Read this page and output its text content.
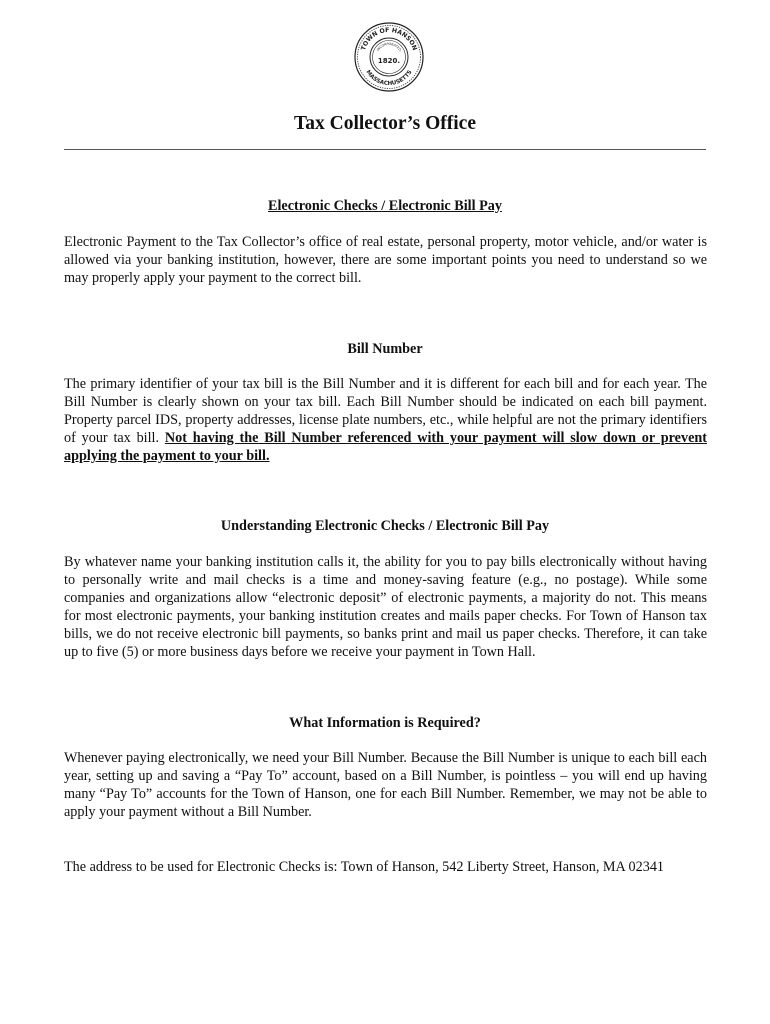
TOWN OF HANSON
MASSACHUSETTS
INCORPORATED
1820.
Tax Collector’s Office
Electronic Checks / Electronic Bill Pay

Electronic Payment to the Tax Collector’s office of real estate, personal property, motor vehicle, and/or water is allowed via your banking institution, however, there are some important points you need to understand so we may properly apply your payment to the correct bill.

Bill Number

The primary identifier of your tax bill is the Bill Number and it is different for each bill and for each year. The Bill Number is clearly shown on your tax bill. Each Bill Number should be indicated on each bill payment. Property parcel IDS, property addresses, license plate numbers, etc., while helpful are not the primary identifiers of your tax bill. Not having the Bill Number referenced with your payment will slow down or prevent applying the payment to your bill.

Understanding Electronic Checks / Electronic Bill Pay

By whatever name your banking institution calls it, the ability for you to pay bills electronically without having to personally write and mail checks is a time and money-saving feature (e.g., no postage). While some companies and organizations allow “electronic deposit” of electronic payments, a majority do not. This means for most electronic payments, your banking institution creates and mails paper checks. For Town of Hanson tax bills, we do not receive electronic bill payments, so banks print and mail us paper checks. Therefore, it can take up to five (5) or more business days before we receive your payment in Town Hall.

What Information is Required?

Whenever paying electronically, we need your Bill Number. Because the Bill Number is unique to each bill each year, setting up and saving a “Pay To” account, based on a Bill Number, is pointless – you will end up having many “Pay To” accounts for the Town of Hanson, one for each Bill Number. Remember, we may not be able to apply your payment without a Bill Number.

The address to be used for Electronic Checks is: Town of Hanson, 542 Liberty Street, Hanson, MA 02341
